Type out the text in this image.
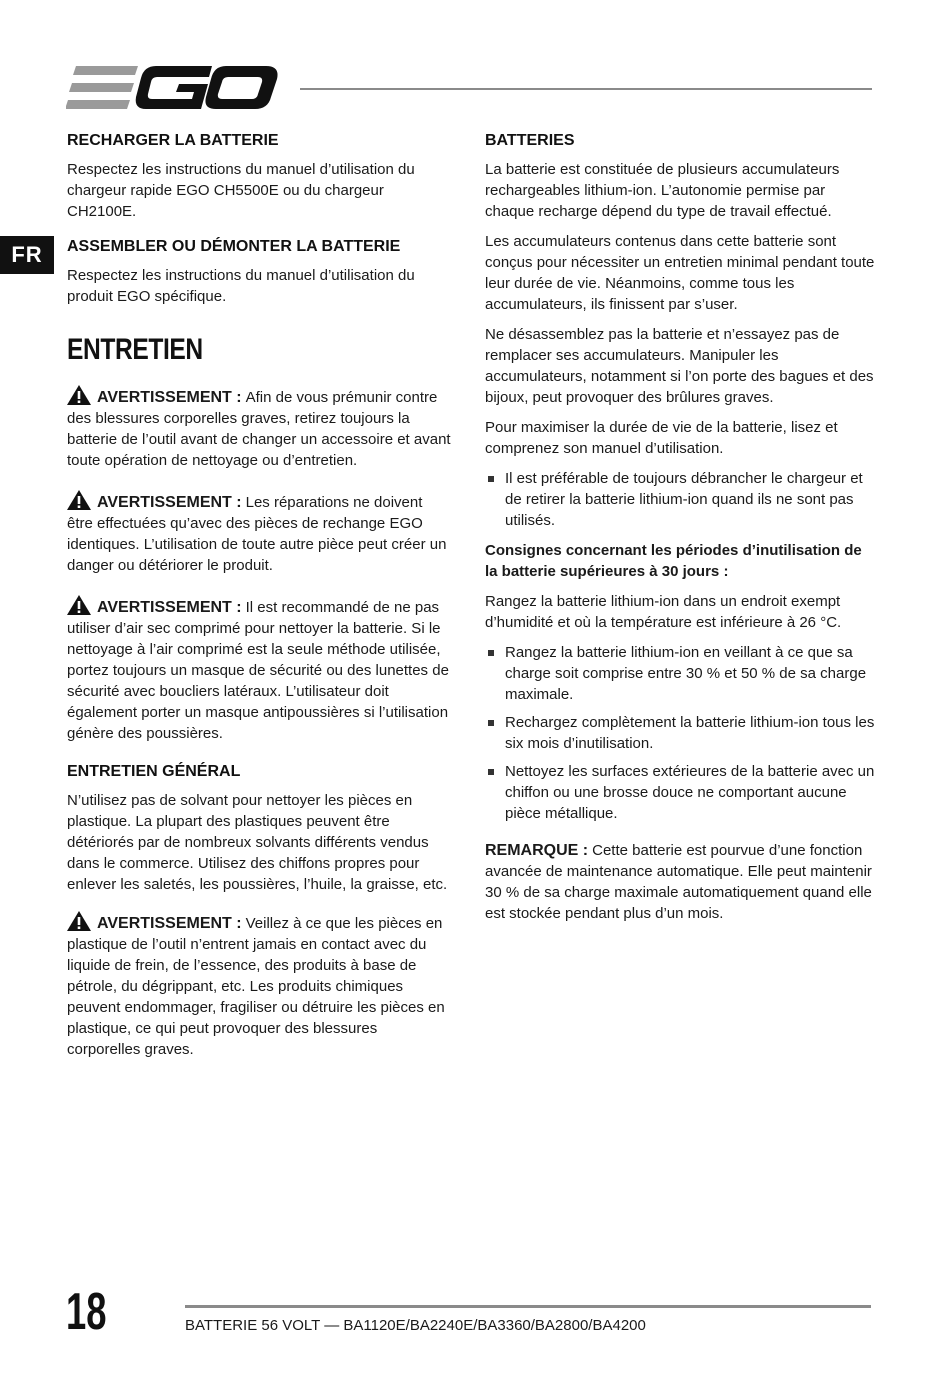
FR
RECHARGER LA BATTERIE

Respectez les instructions du manuel d’utilisation du chargeur rapide EGO CH5500E ou du chargeur CH2100E.

ASSEMBLER OU DÉMONTER LA BATTERIE

Respectez les instructions du manuel d’utilisation du produit EGO spécifique.

ENTRETIEN
AVERTISSEMENT : Afin de vous prémunir contre des blessures corporelles graves, retirez toujours la batterie de l’outil avant de changer un accessoire et avant toute opération de nettoyage ou d’entretien.
AVERTISSEMENT : Les réparations ne doivent être effectuées qu’avec des pièces de rechange EGO identiques. L’utilisation de toute autre pièce peut créer un danger ou détériorer le produit.
AVERTISSEMENT : Il est recommandé de ne pas utiliser d’air sec comprimé pour nettoyer la batterie. Si le nettoyage à l’air comprimé est la seule méthode utilisée, portez toujours un masque de sécurité ou des lunettes de sécurité avec boucliers latéraux. L’utilisateur doit également porter un masque antipoussières si l’utilisation génère des poussières.
ENTRETIEN GÉNÉRAL

N’utilisez pas de solvant pour nettoyer les pièces en plastique. La plupart des plastiques peuvent être détériorés par de nombreux solvants différents vendus dans le commerce. Utilisez des chiffons propres pour enlever les saletés, les poussières, l’huile, la graisse, etc.

AVERTISSEMENT : Veillez à ce que les pièces en plastique de l’outil n’entrent jamais en contact avec du liquide de frein, de l’essence, des produits à base de pétrole, du dégrippant, etc. Les produits chimiques peuvent endommager, fragiliser ou détruire les pièces en plastique, ce qui peut provoquer des blessures corporelles graves.
BATTERIES

La batterie est constituée de plusieurs accumulateurs rechargeables lithium-ion. L’autonomie permise par chaque recharge dépend du type de travail effectué.

Les accumulateurs contenus dans cette batterie sont conçus pour nécessiter un entretien minimal pendant toute leur durée de vie. Néanmoins, comme tous les accumulateurs, ils finissent par s’user.

Ne désassemblez pas la batterie et n’essayez pas de remplacer ses accumulateurs. Manipuler les accumulateurs, notamment si l’on porte des bagues et des bijoux, peut provoquer des brûlures graves.

Pour maximiser la durée de vie de la batterie, lisez et comprenez son manuel d’utilisation.

Il est préférable de toujours débrancher le chargeur et de retirer la batterie lithium-ion quand ils ne sont pas utilisés.

Consignes concernant les périodes d’inutilisation de la batterie supérieures à 30 jours :

Rangez la batterie lithium-ion dans un endroit exempt d’humidité et où la température est inférieure à 26 °C.

Rangez la batterie lithium-ion en veillant à ce que sa charge soit comprise entre 30 % et 50 % de sa charge maximale.
Rechargez complètement la batterie lithium-ion tous les six mois d’inutilisation.
Nettoyez les surfaces extérieures de la batterie avec un chiffon ou une brosse douce ne comportant aucune pièce métallique.

REMARQUE : Cette batterie est pourvue d’une fonction avancée de maintenance automatique. Elle peut maintenir 30 % de sa charge maximale automatiquement quand elle est stockée pendant plus d’un mois.

18	BATTERIE 56 VOLT — BA1120E/BA2240E/BA3360/BA2800/BA4200
